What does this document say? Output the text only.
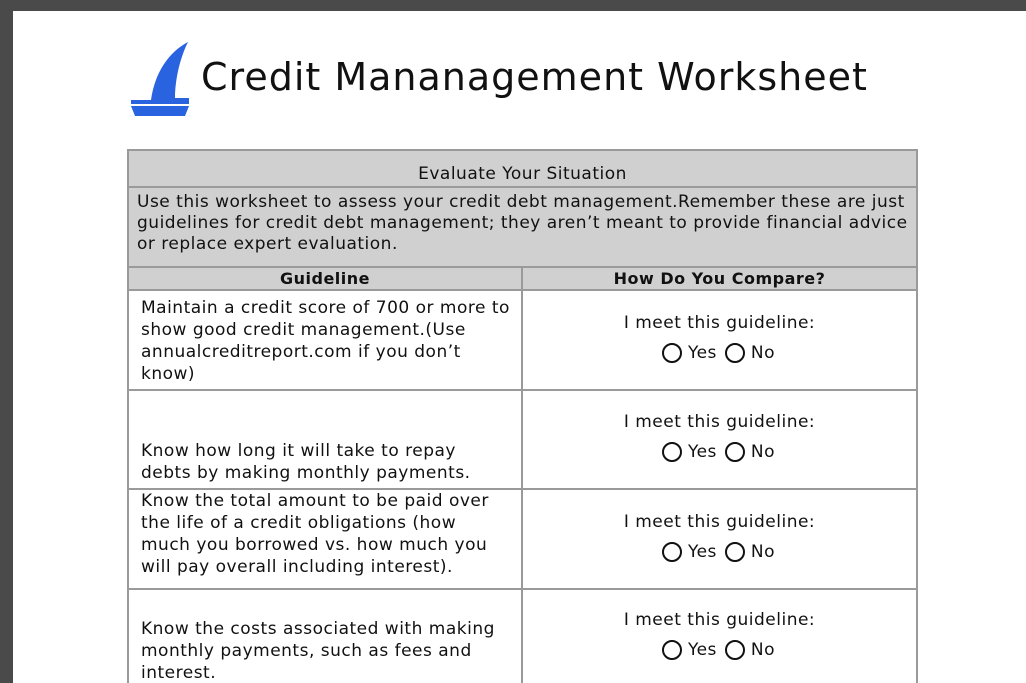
Credit Mananagement Worksheet
Evaluate Your Situation	
Use this worksheet to assess your credit debt management.Remember these are just guidelines for credit debt management; they aren’t meant to provide financial advice or replace expert evaluation.	
Guideline	How Do You Compare?
Maintain a credit score of 700 or more to show good credit management.(Use annualcreditreport.com if you don’t know)	I meet this guideline:
Yes No

Know how long it will take to repay debts by making monthly payments.	I meet this guideline:
Yes No

Know the total amount to be paid over the life of a credit obligations (how much you borrowed vs. how much you will pay overall including interest).	I meet this guideline:
Yes No

Know the costs associated with making monthly payments, such as fees and interest.	I meet this guideline:
Yes No
